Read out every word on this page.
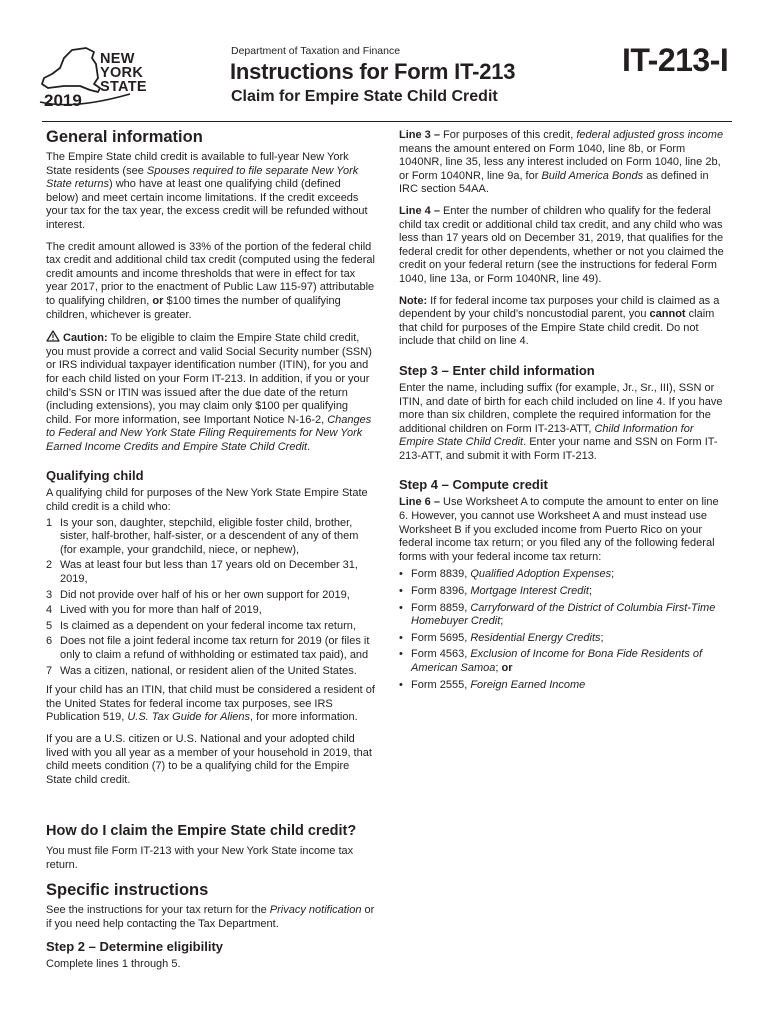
NEW
YORK
STATE
2019
Department of Taxation and Finance
Instructions for Form IT-213
Claim for Empire State Child Credit
IT-213-I
General information

The Empire State child credit is available to full-year New York State residents (see Spouses required to file separate New York State returns) who have at least one qualifying child (defined below) and meet certain income limitations. If the credit exceeds your tax for the tax year, the excess credit will be refunded without interest.

The credit amount allowed is 33% of the portion of the federal child tax credit and additional child tax credit (computed using the federal credit amounts and income thresholds that were in effect for tax year 2017, prior to the enactment of Public Law 115-97) attributable to qualifying children, or $100 times the number of qualifying children, whichever is greater.

Caution: To be eligible to claim the Empire State child credit, you must provide a correct and valid Social Security number (SSN) or IRS individual taxpayer identification number (ITIN), for you and for each child listed on your Form IT-213. In addition, if you or your child’s SSN or ITIN was issued after the due date of the return (including extensions), you may claim only $100 per qualifying child. For more information, see Important Notice N-16-2, Changes to Federal and New York State Filing Requirements for New York Earned Income Credits and Empire State Child Credit.

Qualifying child

A qualifying child for purposes of the New York State Empire State child credit is a child who:

1 Is your son, daughter, stepchild, eligible foster child, brother, sister, half-brother, half-sister, or a descendent of any of them (for example, your grandchild, niece, or nephew),
2 Was at least four but less than 17 years old on December 31, 2019,
3 Did not provide over half of his or her own support for 2019,
4 Lived with you for more than half of 2019,
5 Is claimed as a dependent on your federal income tax return,
6 Does not file a joint federal income tax return for 2019 (or files it only to claim a refund of withholding or estimated tax paid), and
7 Was a citizen, national, or resident alien of the United States.

If your child has an ITIN, that child must be considered a resident of the United States for federal income tax purposes, see IRS Publication 519, U.S. Tax Guide for Aliens, for more information.

If you are a U.S. citizen or U.S. National and your adopted child lived with you all year as a member of your household in 2019, that child meets condition (7) to be a qualifying child for the Empire State child credit.

How do I claim the Empire State child credit?

You must file Form IT-213 with your New York State income tax return.

Specific instructions

See the instructions for your tax return for the Privacy notification or if you need help contacting the Tax Department.

Step 2 – Determine eligibility

Complete lines 1 through 5.

Line 3 – For purposes of this credit, federal adjusted gross income means the amount entered on Form 1040, line 8b, or Form 1040NR, line 35, less any interest included on Form 1040, line 2b, or Form 1040NR, line 9a, for Build America Bonds as defined in IRC section 54AA.

Line 4 – Enter the number of children who qualify for the federal child tax credit or additional child tax credit, and any child who was less than 17 years old on December 31, 2019, that qualifies for the federal credit for other dependents, whether or not you claimed the credit on your federal return (see the instructions for federal Form 1040, line 13a, or Form 1040NR, line 49).

Note: If for federal income tax purposes your child is claimed as a dependent by your child’s noncustodial parent, you cannot claim that child for purposes of the Empire State child credit. Do not include that child on line 4.

Step 3 – Enter child information

Enter the name, including suffix (for example, Jr., Sr., III), SSN or ITIN, and date of birth for each child included on line 4. If you have more than six children, complete the required information for the additional children on Form IT-213-ATT, Child Information for Empire State Child Credit. Enter your name and SSN on Form IT-213-ATT, and submit it with Form IT-213.

Step 4 – Compute credit

Line 6 – Use Worksheet A to compute the amount to enter on line 6. However, you cannot use Worksheet A and must instead use Worksheet B if you excluded income from Puerto Rico on your federal income tax return; or you filed any of the following federal forms with your federal income tax return:

• Form 8839, Qualified Adoption Expenses;
• Form 8396, Mortgage Interest Credit;
• Form 8859, Carryforward of the District of Columbia First-Time Homebuyer Credit;
• Form 5695, Residential Energy Credits;
• Form 4563, Exclusion of Income for Bona Fide Residents of American Samoa; or
• Form 2555, Foreign Earned Income
